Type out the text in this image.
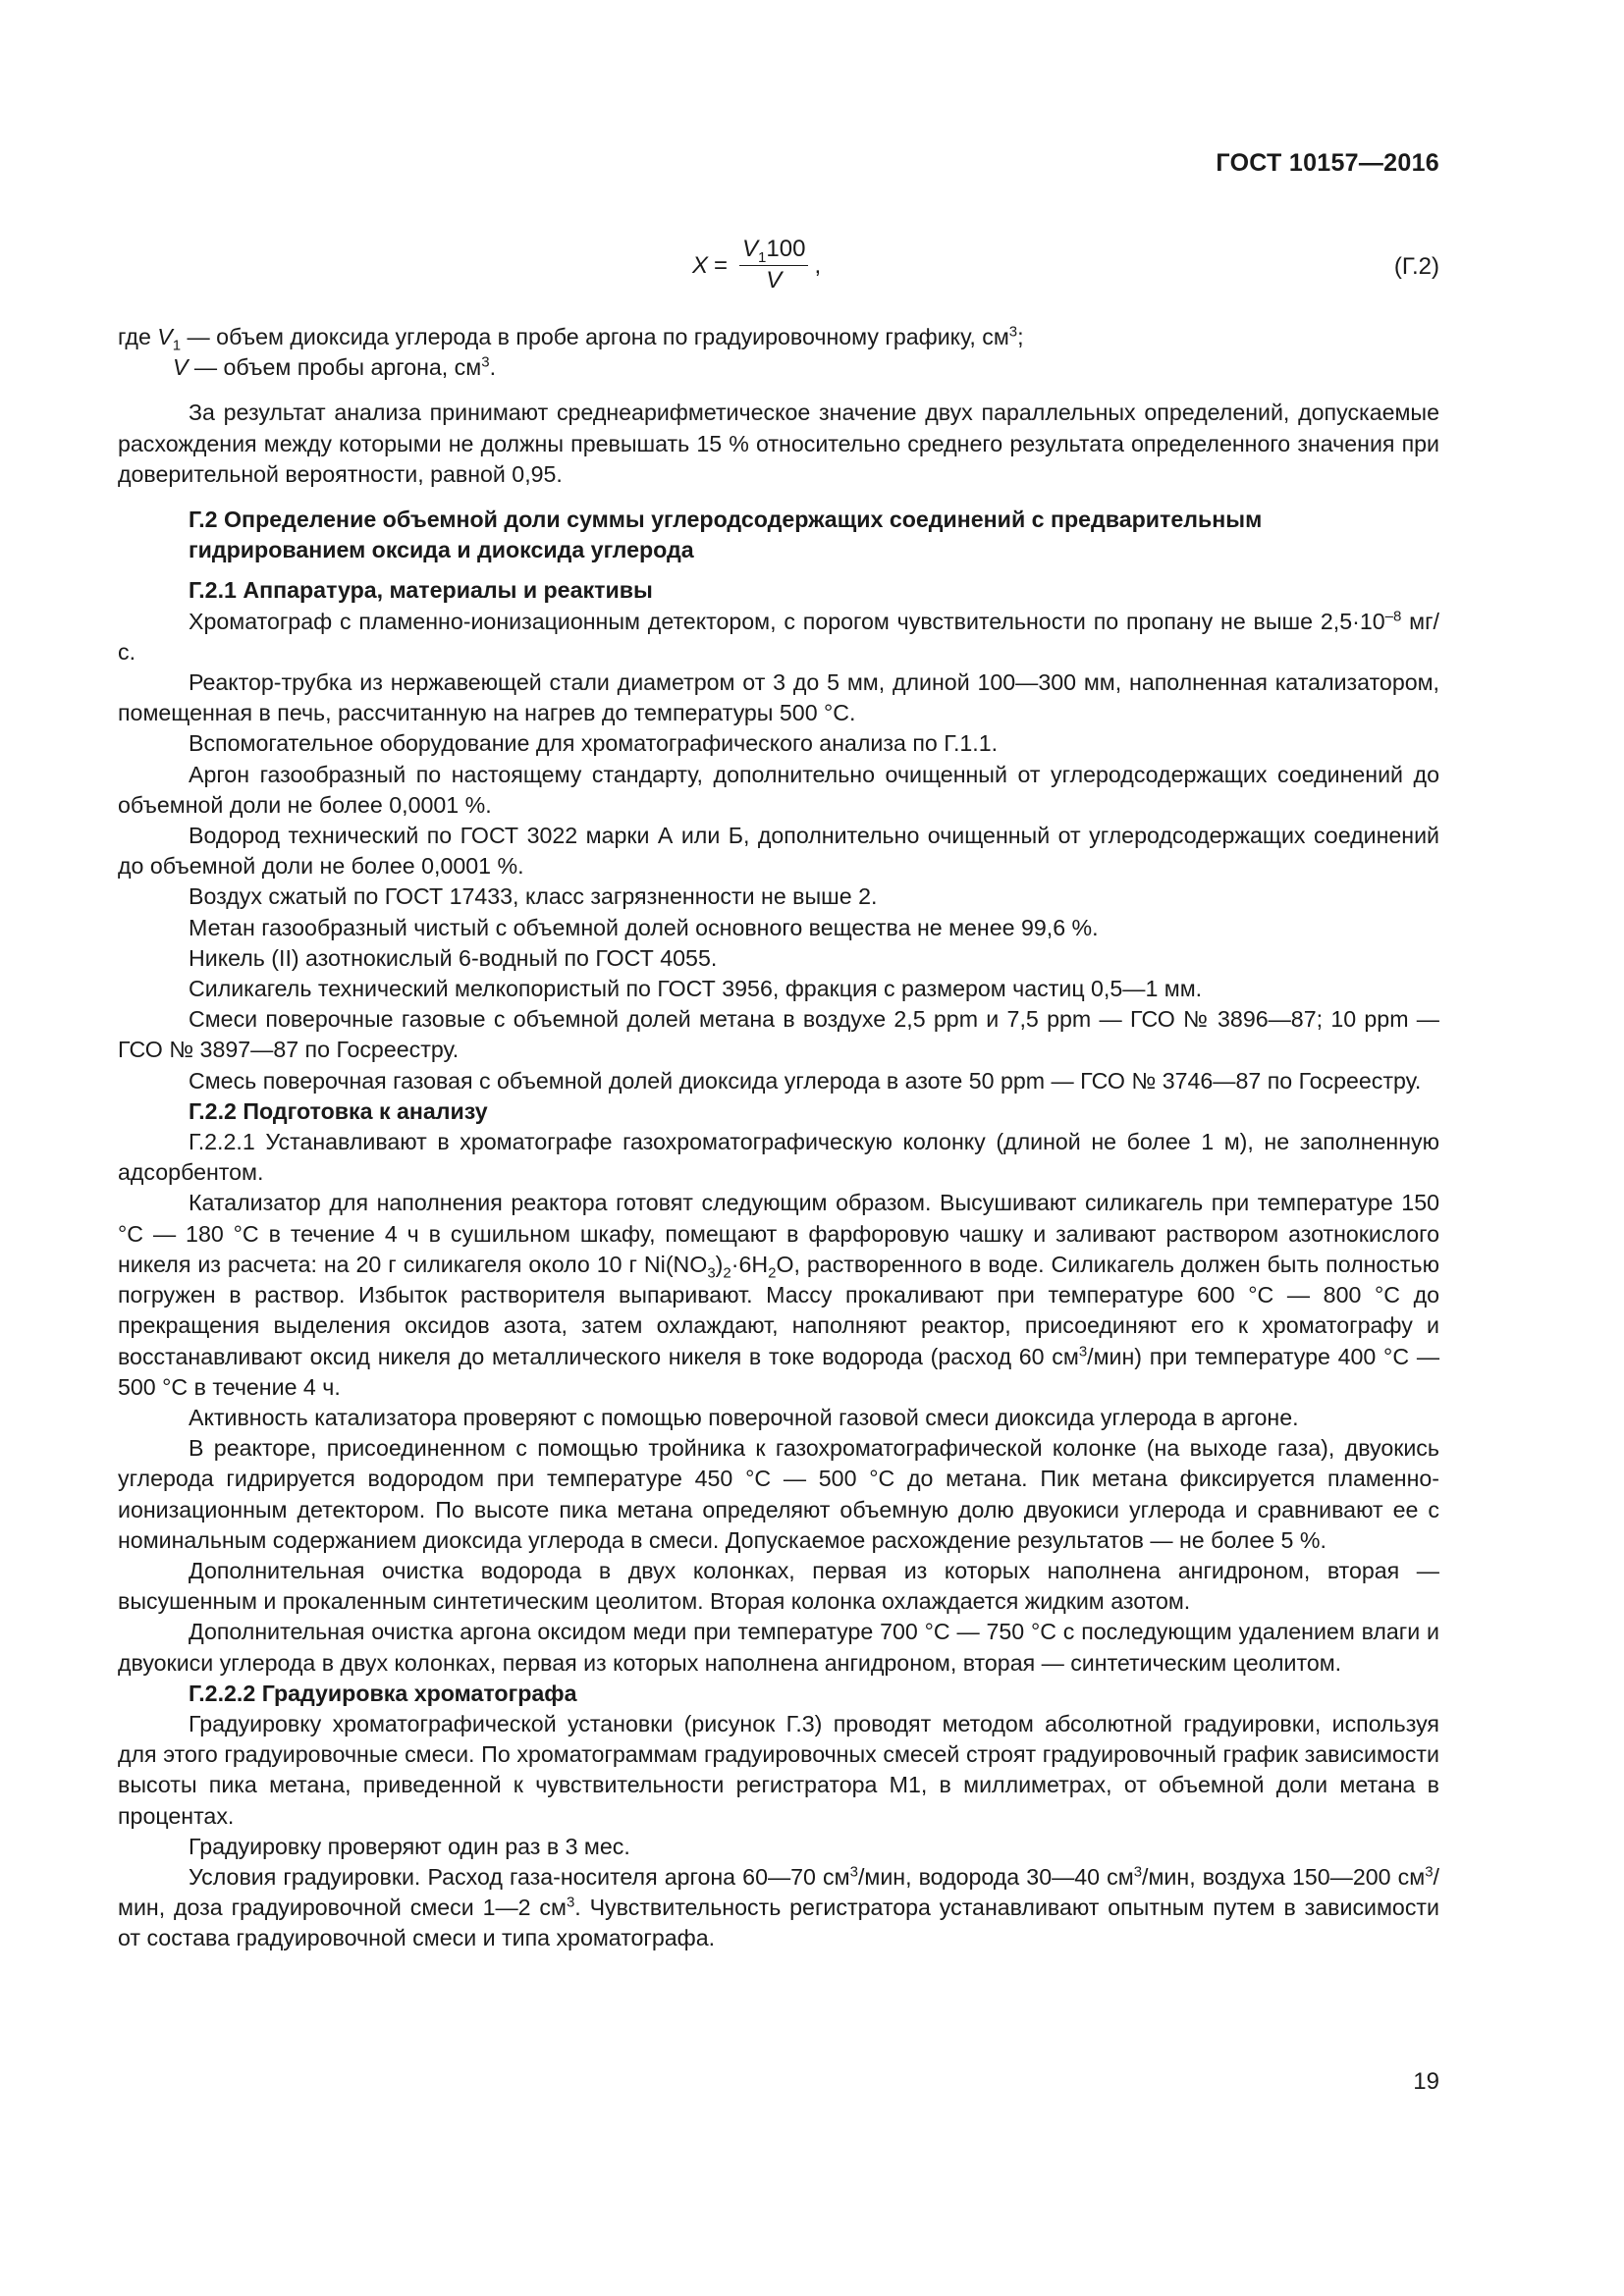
ГОСТ 10157—2016
$X = \frac{V_1100}{V}$ ,	(Г.2)

где $V_1$ — объем диоксида углерода в пробе аргона по градуировочному графику, $см^3$;

V — объем пробы аргона, $см^3$.

За результат анализа принимают среднеарифметическое значение двух параллельных определений, допускаемые расхождения между которыми не должны превышать 15 % относительно среднего результата определенного значения при доверительной вероятности, равной 0,95.

Г.2 Определение объемной доли суммы углеродсодержащих соединений с предварительным
гидрированием оксида и диоксида углерода
Г.2.1 Аппаратура, материалы и реактивы

Хроматограф с пламенно-ионизационным детектором, с порогом чувствительности по пропану не выше $2,5\cdot 10^{-8}$ мг/с.

Реактор-трубка из нержавеющей стали диаметром от 3 до 5 мм, длиной 100—300 мм, наполненная катализатором, помещенная в печь, рассчитанную на нагрев до температуры 500 °С.

Вспомогательное оборудование для хроматографического анализа по Г.1.1.

Аргон газообразный по настоящему стандарту, дополнительно очищенный от углеродсодержащих соединений до объемной доли не более 0,0001 %.

Водород технический по ГОСТ 3022 марки А или Б, дополнительно очищенный от углеродсодержащих соединений до объемной доли не более 0,0001 %.

Воздух сжатый по ГОСТ 17433, класс загрязненности не выше 2.

Метан газообразный чистый с объемной долей основного вещества не менее 99,6 %.

Никель (II) азотнокислый 6-водный по ГОСТ 4055.

Силикагель технический мелкопористый по ГОСТ 3956, фракция с размером частиц 0,5—1 мм.

Смеси поверочные газовые с объемной долей метана в воздухе 2,5 ppm и 7,5 ppm — ГСО № 3896—87; 10 ppm — ГСО № 3897—87 по Госреестру.

Смесь поверочная газовая с объемной долей диоксида углерода в азоте 50 ppm — ГСО № 3746—87 по Госреестру.

Г.2.2 Подготовка к анализу

Г.2.2.1 Устанавливают в хроматографе газохроматографическую колонку (длиной не более 1 м), не заполненную адсорбентом.

Катализатор для наполнения реактора готовят следующим образом. Высушивают силикагель при температуре 150 °С — 180 °С в течение 4 ч в сушильном шкафу, помещают в фарфоровую чашку и заливают раствором азотнокислого никеля из расчета: на 20 г силикагеля около 10 г $Ni(NO_3)_2\cdot 6H_2O$, растворенного в воде. Силикагель должен быть полностью погружен в раствор. Избыток растворителя выпаривают. Массу прокаливают при температуре 600 °С — 800 °С до прекращения выделения оксидов азота, затем охлаждают, наполняют реактор, присоединяют его к хроматографу и восстанавливают оксид никеля до металлического никеля в токе водорода (расход 60 $см^3/мин$) при температуре 400 °С —500 °С в течение 4 ч.

Активность катализатора проверяют с помощью поверочной газовой смеси диоксида углерода в аргоне.

В реакторе, присоединенном с помощью тройника к газохроматографической колонке (на выходе газа), двуокись углерода гидрируется водородом при температуре 450 °С — 500 °С до метана. Пик метана фиксируется пламенно-ионизационным детектором. По высоте пика метана определяют объемную долю двуокиси углерода и сравнивают ее с номинальным содержанием диоксида углерода в смеси. Допускаемое расхождение результатов — не более 5 %.

Дополнительная очистка водорода в двух колонках, первая из которых наполнена ангидроном, вторая — высушенным и прокаленным синтетическим цеолитом. Вторая колонка охлаждается жидким азотом.

Дополнительная очистка аргона оксидом меди при температуре 700 °С — 750 °С с последующим удалением влаги и двуокиси углерода в двух колонках, первая из которых наполнена ангидроном, вторая — синтетическим цеолитом.

Г.2.2.2 Градуировка хроматографа

Градуировку хроматографической установки (рисунок Г.3) проводят методом абсолютной градуировки, используя для этого градуировочные смеси. По хроматограммам градуировочных смесей строят градуировочный график зависимости высоты пика метана, приведенной к чувствительности регистратора М1, в миллиметрах, от объемной доли метана в процентах.

Градуировку проверяют один раз в 3 мес.

Условия градуировки. Расход газа-носителя аргона 60—70 $см^3$/мин, водорода 30—40 $см^3$/мин, воздуха 150—200 $см^3$/мин, доза градуировочной смеси 1—2 $см^3$. Чувствительность регистратора устанавливают опытным путем в зависимости от состава градуировочной смеси и типа хроматографа.

19
